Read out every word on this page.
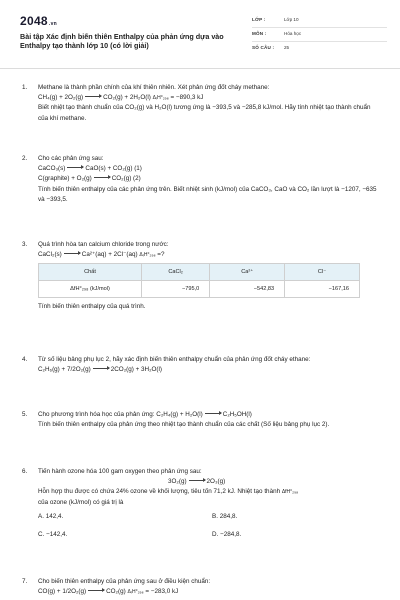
2048.vn
Bài tập Xác định biến thiên Enthalpy của phản ứng dựa vào Enthalpy tạo thành lớp 10 (có lời giải)
LỚP :	Lớp 10
MÔN :	Hóa học
SỐ CÂU : 25
1.	Methane là thành phần chính của khí thiên nhiên. Xét phản ứng đốt cháy methane:

CH₄(g) + 2O₂(g)	CO₂(g) + 2H₂O(l) ΔᵣH°₂₉₈ = −890,3 kJ

Biết nhiệt tạo thành chuẩn của CO₂(g) và H₂O(l) tương ứng là −393,5 và −285,8 kJ/mol. Hãy tính nhiệt tạo thành chuẩn của khí methane.

2.	Cho các phản ứng sau:

CaCO₃(s)	CaO(s) + CO₂(g) (1)

C(graphite) + O₂(g)	CO₂(g) (2)

Tính biến thiên enthalpy của các phản ứng trên. Biết nhiệt sinh (kJ/mol) của CaCO₃, CaO và CO₂ lần lượt là −1207, −635 và −393,5.

3.	Quá trình hòa tan calcium chloride trong nước:

CaCl₂(s)	Ca²⁺(aq) + 2Cl⁻(aq) ΔᵣH°₂₉₈ =?

Chất	CaCl₂	Ca²⁺	Cl⁻
ΔfH°₂₉₈ (kJ/mol)	−795,0	−542,83	−167,16

Tính biến thiên enthalpy của quá trình.

4.	Từ số liệu bảng phụ lục 2, hãy xác định biến thiên enthalpy chuẩn của phản ứng đốt cháy ethane:

C₂H₆(g) + 7/2O₂(g)	2CO₂(g) + 3H₂O(l)

5.	Cho phương trình hóa học của phản ứng: C₂H₄(g) + H₂O(l)	C₂H₅OH(l)

Tính biến thiên enthalpy của phản ứng theo nhiệt tạo thành chuẩn của các chất (Số liệu bảng phụ lục 2).

6.	Tiến hành ozone hóa 100 gam oxygen theo phản ứng sau:

3O₂(g)	2O₃(g)

Hỗn hợp thu được có chứa 24% ozone về khối lượng, tiêu tốn 71,2 kJ. Nhiệt tạo thành ΔfH°₂₉₈

của ozone (kJ/mol) có giá trị là

A. 142,4.	B. 284,8.
C. −142,4.	D. −284,8.
7.	Cho biến thiên enthalpy của phản ứng sau ở điều kiện chuẩn:

CO(g) + 1/2O₂(g)	CO₂(g) ΔᵣH°₂₉₈ = −283,0 kJ
